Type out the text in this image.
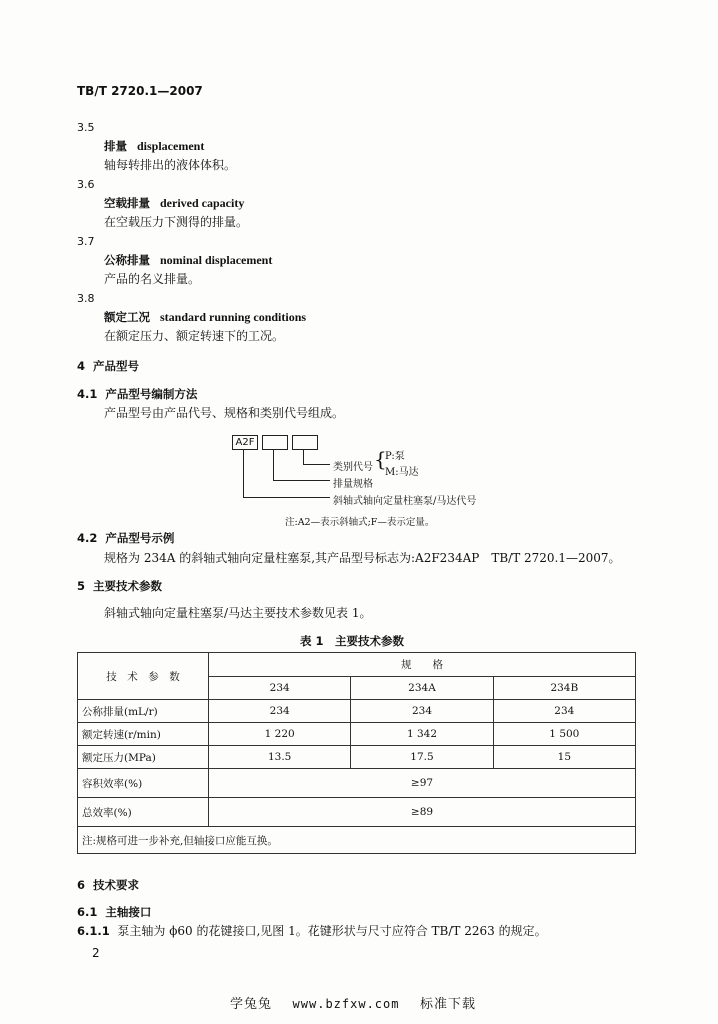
TB/T 2720.1—2007
3.5
排量 displacement
轴每转排出的液体体积。
3.6
空载排量 derived capacity
在空载压力下测得的排量。
3.7
公称排量 nominal displacement
产品的名义排量。
3.8
额定工况 standard running conditions
在额定压力、额定转速下的工况。
4 产品型号
4.1 产品型号编制方法
产品型号由产品代号、规格和类别代号组成。
A2F
类别代号 {
P:泵
M:马达
排量规格
斜轴式轴向定量柱塞泵/马达代号
注:A2—表示斜轴式;F—表示定量。
4.2 产品型号示例
规格为 234A 的斜轴式轴向定量柱塞泵,其产品型号标志为:A2F234AP　TB/T 2720.1—2007。
5 主要技术参数
斜轴式轴向定量柱塞泵/马达主要技术参数见表 1。
表 1　主要技术参数
技　术　参　数	规　　格		
	234	234A	234B
公称排量(mL/r)	234	234	234
额定转速(r/min)	1 220	1 342	1 500
额定压力(MPa)	13.5	17.5	15
容积效率(%)	≥97		
总效率(%)	≥89		
注:规格可进一步补充,但轴接口应能互换。			
6 技术要求
6.1 主轴接口
6.1.1 泵主轴为 ϕ60 的花键接口,见图 1。花键形状与尺寸应符合 TB/T 2263 的规定。
2
学兔兔 www.bzfxw.com 标准下载
